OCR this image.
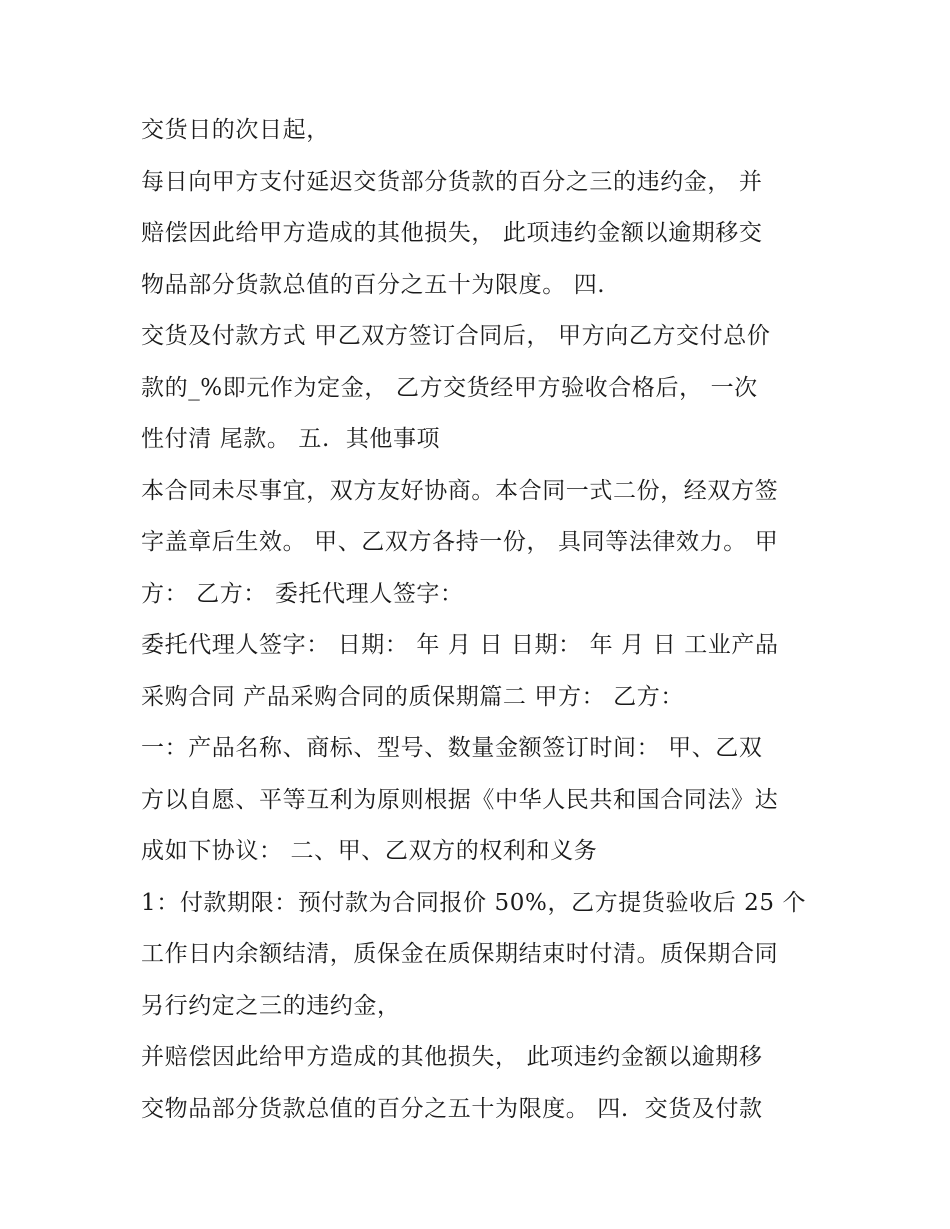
交货日的次日起，
每日向甲方支付延迟交货部分货款的百分之三的违约金， 并
赔偿因此给甲方造成的其他损失， 此项违约金额以逾期移交
物品部分货款总值的百分之五十为限度。 四.
交货及付款方式 甲乙双方签订合同后， 甲方向乙方交付总价
款的_%即元作为定金， 乙方交货经甲方验收合格后， 一次
性付清 尾款。 五.  其他事项
本合同未尽事宜，双方友好协商。本合同一式二份，经双方签
字盖章后生效。 甲、乙双方各持一份， 具同等法律效力。 甲
方： 乙方： 委托代理人签字：
委托代理人签字： 日期： 年 月 日 日期： 年 月 日 工业产品
采购合同 产品采购合同的质保期篇二 甲方： 乙方：
一：产品名称、商标、型号、数量金额签订时间： 甲、乙双
方以自愿、平等互利为原则根据《中华人民共和国合同法》达
成如下协议： 二、甲、乙双方的权利和义务
1：付款期限：预付款为合同报价 50%，乙方提货验收后 25 个
工作日内余额结清，质保金在质保期结束时付清。质保期合同
另行约定之三的违约金，
并赔偿因此给甲方造成的其他损失， 此项违约金额以逾期移
交物品部分货款总值的百分之五十为限度。 四.  交货及付款
